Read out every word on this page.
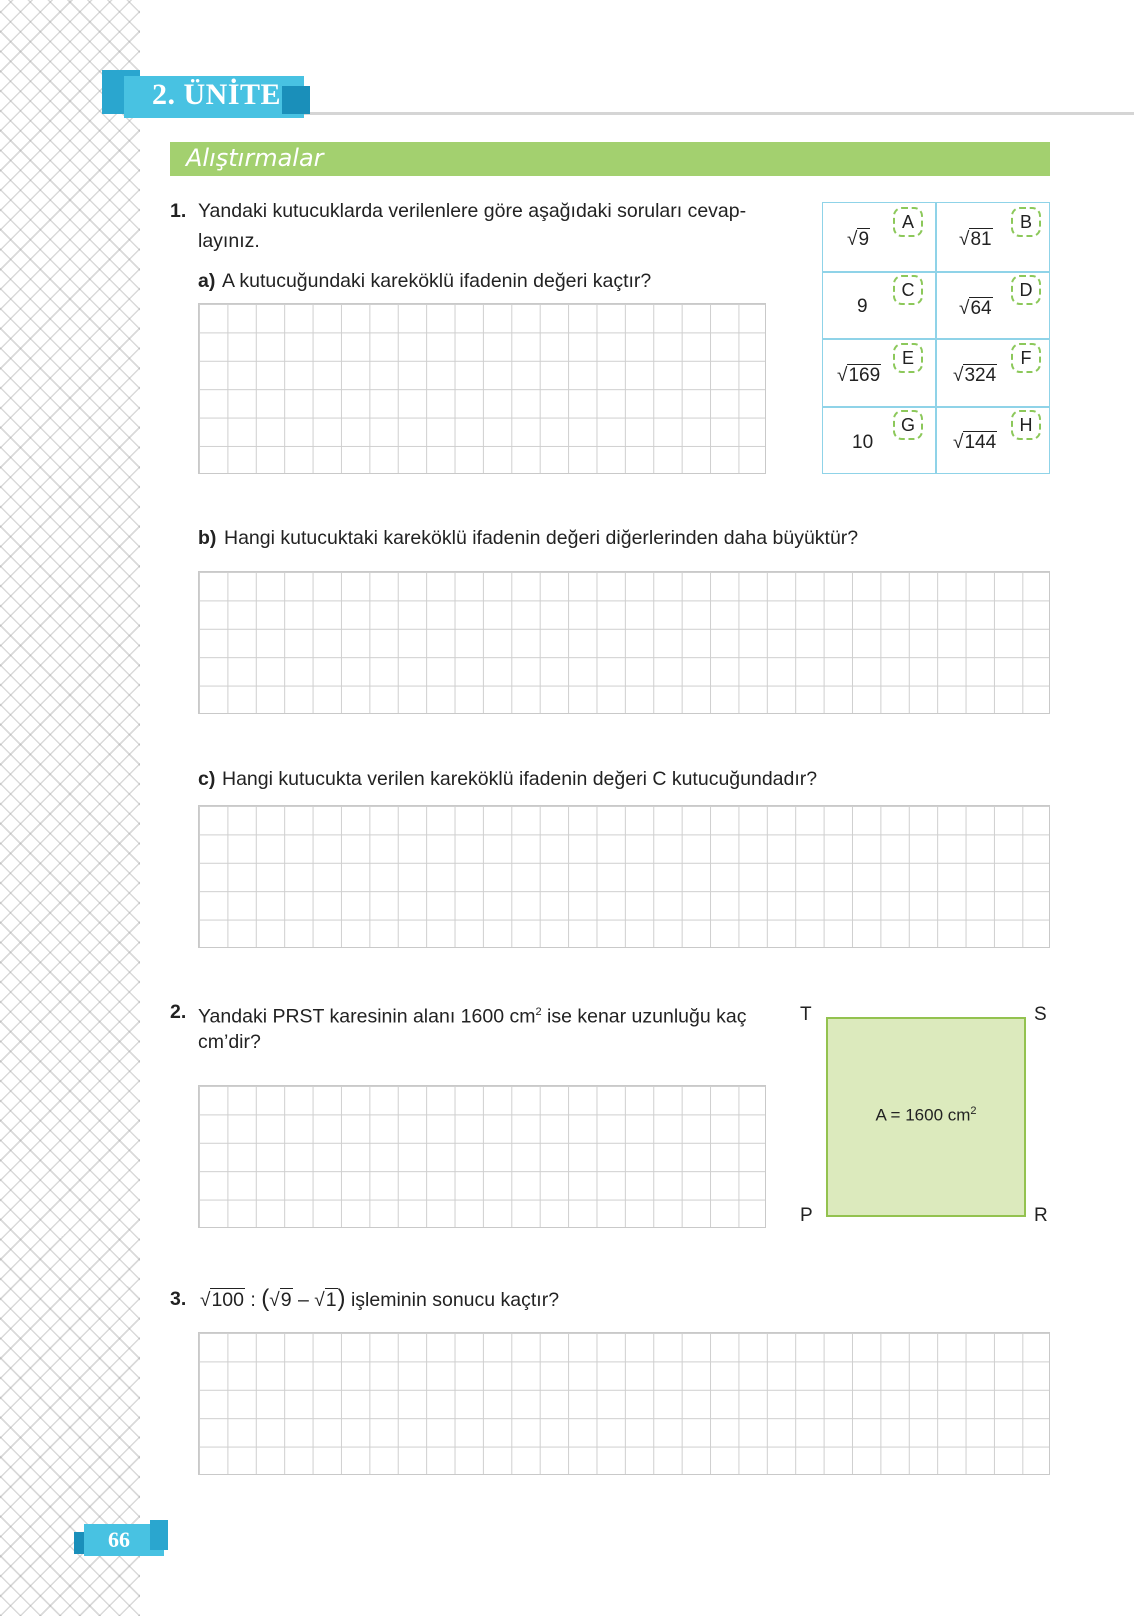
2. ÜNİTE
Alıştırmalar
1. Yandaki kutucuklarda verilenlere göre aşağıdaki soruları cevap-
layınız.
a) A kutucuğundaki kareköklü ifadenin değeri kaçtır?
√9
A
√81
B
9
C
√64
D
√169
E
√324
F
10
G
√144
H
b) Hangi kutucuktaki kareköklü ifadenin değeri diğerlerinden daha büyüktür?
c) Hangi kutucukta verilen kareköklü ifadenin değeri C kutucuğundadır?
2. Yandaki PRST karesinin alanı 1600 $cm^2$ ise kenar uzunluğu kaç
cm’dir?
A = 1600 $cm^2$
T	S
P	R
3. √100 : (√9 – √1) işleminin sonucu kaçtır?
66
